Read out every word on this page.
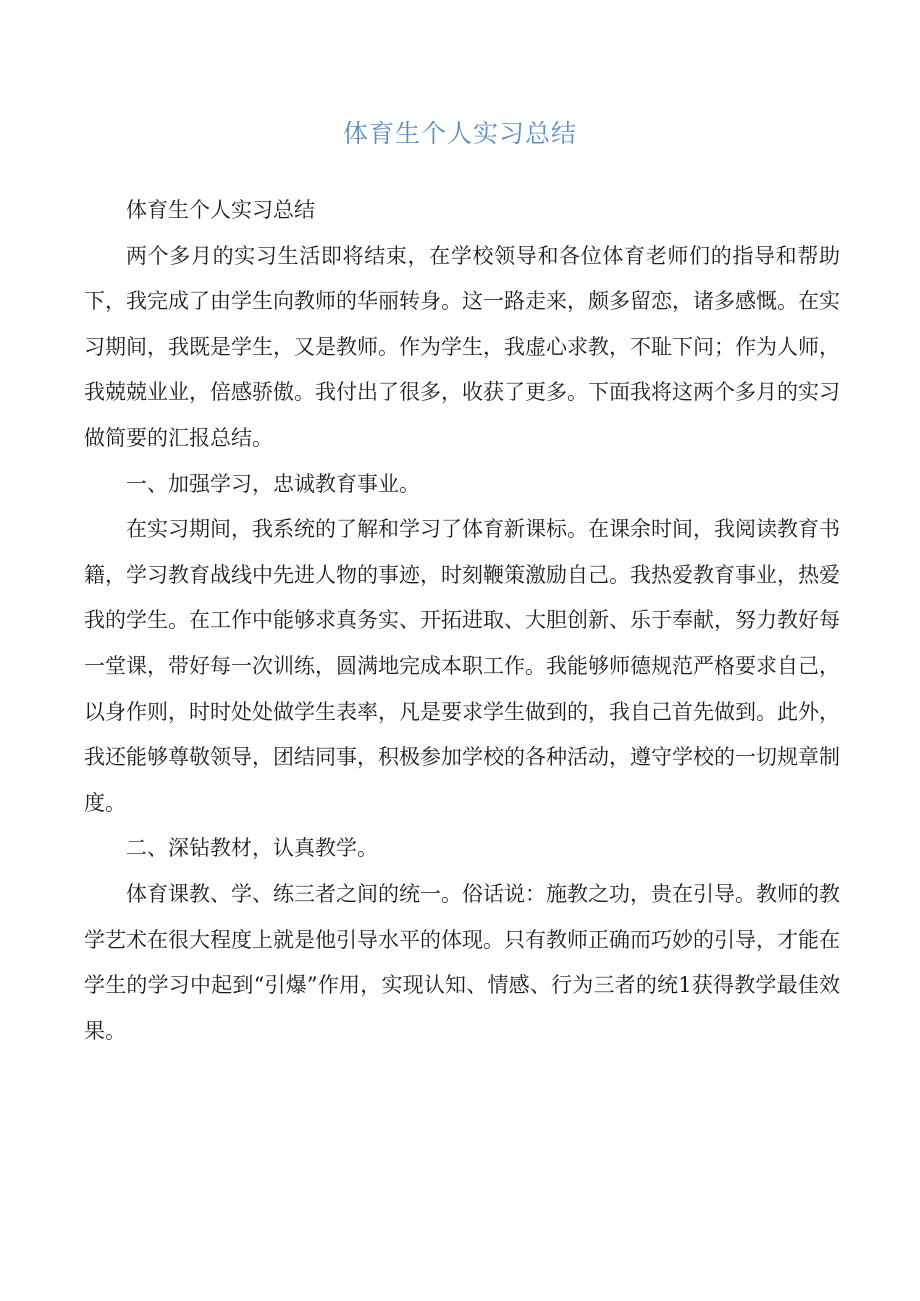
体育生个人实习总结

体育生个人实习总结

两个多月的实习生活即将结束，在学校领导和各位体育老师们的指导和帮助下，我完成了由学生向教师的华丽转身。这一路走来，颇多留恋，诸多感慨。在实习期间，我既是学生，又是教师。作为学生，我虚心求教，不耻下问；作为人师，我兢兢业业，倍感骄傲。我付出了很多，收获了更多。下面我将这两个多月的实习做简要的汇报总结。

一、加强学习，忠诚教育事业。

在实习期间，我系统的了解和学习了体育新课标。在课余时间，我阅读教育书籍，学习教育战线中先进人物的事迹，时刻鞭策激励自己。我热爱教育事业，热爱我的学生。在工作中能够求真务实、开拓进取、大胆创新、乐于奉献，努力教好每一堂课，带好每一次训练，圆满地完成本职工作。我能够师德规范严格要求自己，以身作则，时时处处做学生表率，凡是要求学生做到的，我自己首先做到。此外，我还能够尊敬领导，团结同事，积极参加学校的各种活动，遵守学校的一切规章制度。

二、深钻教材，认真教学。

体育课教、学、练三者之间的统一。俗话说：施教之功，贵在引导。教师的教学艺术在很大程度上就是他引导水平的体现。只有教师正确而巧妙的引导，才能在学生的学习中起到“引爆”作用，实现认知、情感、行为三者的统1获得教学最佳效果。
